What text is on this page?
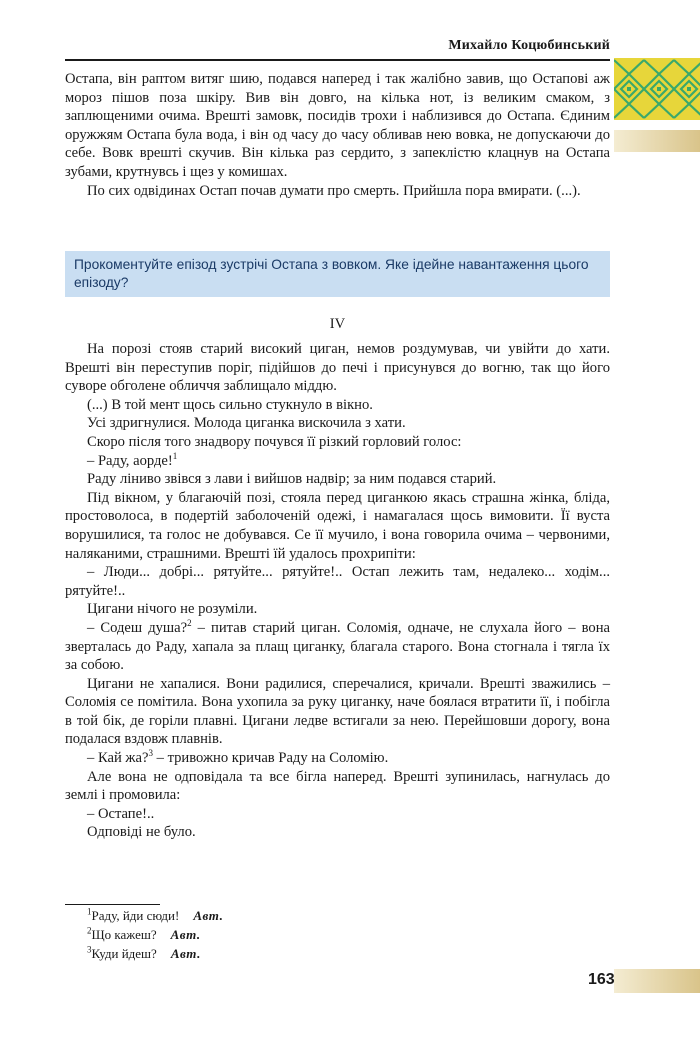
Михайло Коцюбинський

Остапа, він раптом витяг шию, подався наперед і так жалібно завив, що Остапові аж мороз пішов поза шкіру. Вив він довго, на кілька нот, із великим смаком, з заплющеними очима. Врешті замовк, посидів трохи і наблизився до Остапа. Єдиним оружжям Остапа була вода, і він од часу до часу обливав нею вовка, не допускаючи до себе. Вовк врешті скучив. Він кілька раз сердито, з запеклістю клацнув на Остапа зубами, крутнувсь і щез у комишах.

По сих одвідинах Остап почав думати про смерть. Прийшла пора вмирати. (...).

Прокоментуйте епізод зустрічі Остапа з вовком. Яке ідейне навантаження цього епізоду?
IV

На порозі стояв старий високий циган, немов роздумував, чи увійти до хати. Врешті він переступив поріг, підійшов до печі і присунувся до вогню, так що його суворе обголене обличчя заблищало міддю.

(...) В той мент щось сильно стукнуло в вікно.

Усі здригнулися. Молода циганка вискочила з хати.

Скоро після того знадвору почувся її різкий горловий голос:

– Раду, аорде!$^1$

Раду ліниво звівся з лави і вийшов надвір; за ним подався старий.

Під вікном, у благаючій позі, стояла перед циганкою якась страшна жінка, бліда, простоволоса, в подертій заболоченій одежі, і намагалася щось вимовити. Її вуста ворушилися, та голос не добувався. Се її мучило, і вона говорила очима – червоними, наляканими, страшними. Врешті їй удалось прохрипіти:

– Люди... добрі... рятуйте... рятуйте!.. Остап лежить там, недалеко... ходім... рятуйте!..

Цигани нічого не розуміли.

– Содеш душа?$^2$ – питав старий циган. Соломія, одначе, не слухала його – вона зверталась до Раду, хапала за плащ циганку, благала старого. Вона стогнала і тягла їх за собою.

Цигани не хапалися. Вони радилися, сперечалися, кричали. Врешті зважились – Соломія се помітила. Вона ухопила за руку циганку, наче боялася втратити її, і побігла в той бік, де горіли плавні. Цигани ледве встигали за нею. Перейшовши дорогу, вона подалася вздовж плавнів.

– Кай жа?$^3$ – тривожно кричав Раду на Соломію.

Але вона не одповідала та все бігла наперед. Врешті зупинилась, нагнулась до землі і промовила:

– Остапе!..

Одповіді не було.

$^1$Раду, йди сюди! Авт.

$^2$Що кажеш? Авт.

$^3$Куди йдеш? Авт.

163
